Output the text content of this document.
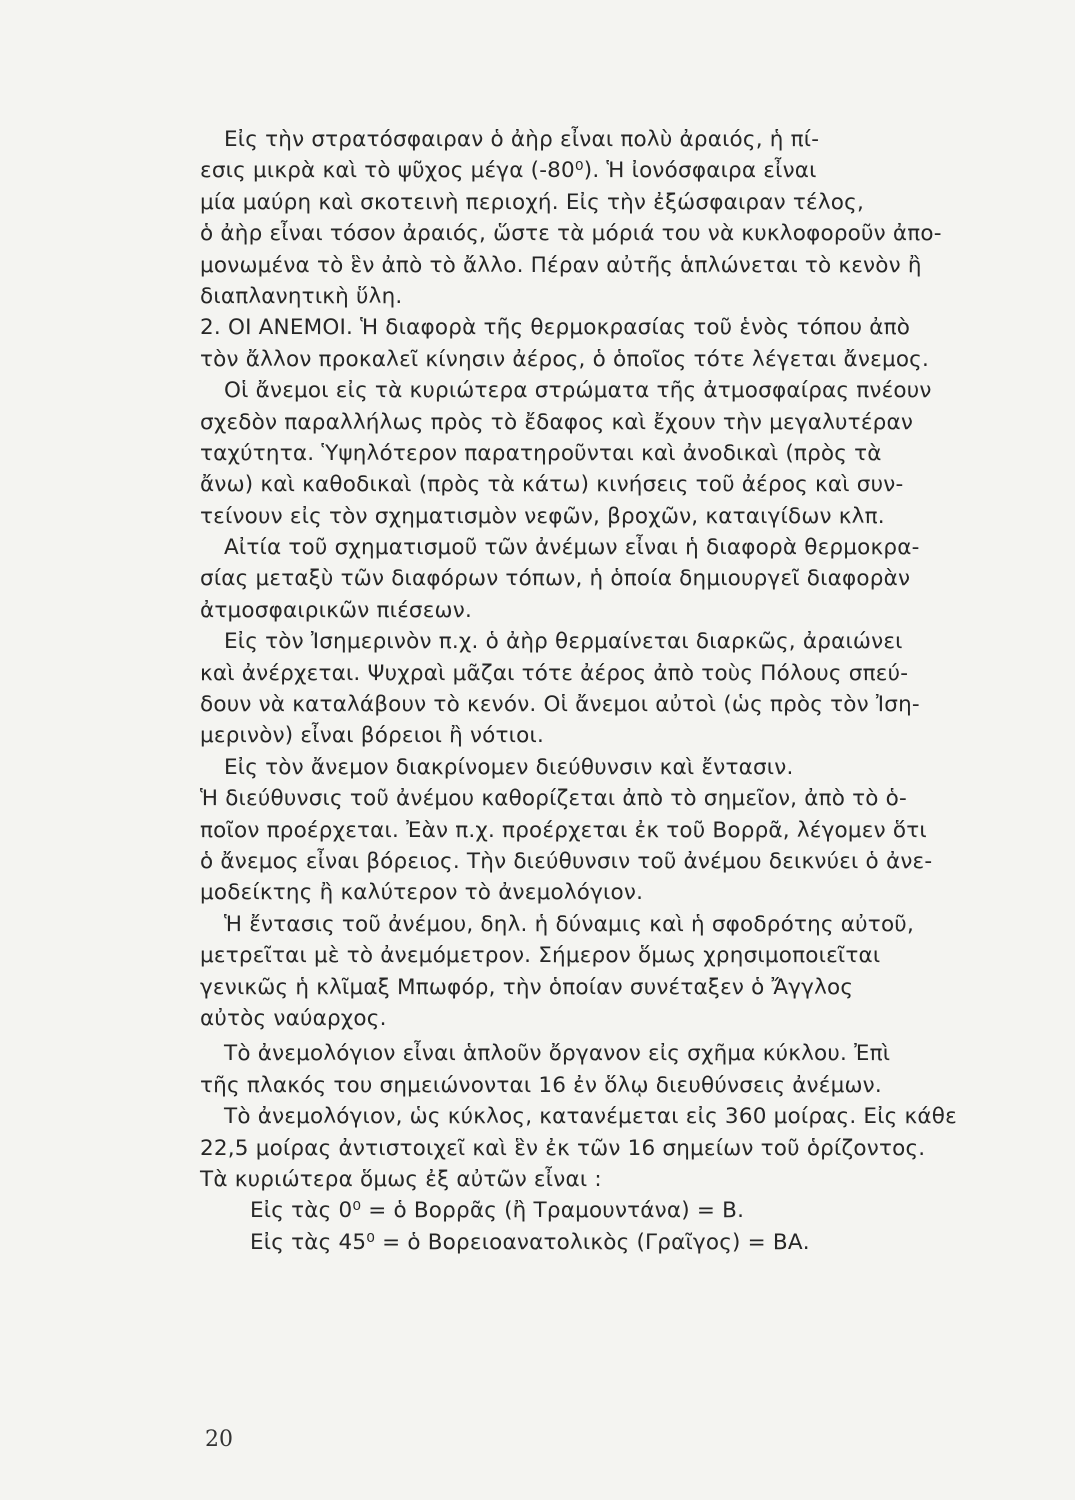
Εἰς τὴν στρατόσφαιραν ὁ ἀὴρ εἶναι πολὺ ἀραιός, ἡ πί-
εσις μικρὰ καὶ τὸ ψῦχος μέγα (-80⁰). Ἡ ἰονόσφαιρα εἶναι
μία μαύρη καὶ σκοτεινὴ περιοχή. Εἰς τὴν ἐξώσφαιραν τέλος,
ὁ ἀὴρ εἶναι τόσον ἀραιός, ὥστε τὰ μόριά του νὰ κυκλοφοροῦν ἀπο-
μονωμένα τὸ ἓν ἀπὸ τὸ ἄλλο. Πέραν αὐτῆς ἁπλώνεται τὸ κενὸν ἢ
διαπλανητικὴ ὕλη.
2. ΟΙ ΑΝΕΜΟΙ. Ἡ διαφορὰ τῆς θερμοκρασίας τοῦ ἑνὸς τόπου ἀπὸ
τὸν ἄλλον προκαλεῖ κίνησιν ἀέρος, ὁ ὁποῖος τότε λέγεται ἄνεμος.
Οἱ ἄνεμοι εἰς τὰ κυριώτερα στρώματα τῆς ἀτμοσφαίρας πνέουν
σχεδὸν παραλλήλως πρὸς τὸ ἔδαφος καὶ ἔχουν τὴν μεγαλυτέραν
ταχύτητα. Ὑψηλότερον παρατηροῦνται καὶ ἀνοδικαὶ (πρὸς τὰ
ἄνω) καὶ καθοδικαὶ (πρὸς τὰ κάτω) κινήσεις τοῦ ἀέρος καὶ συν-
τείνουν εἰς τὸν σχηματισμὸν νεφῶν, βροχῶν, καταιγίδων κλπ.
Αἰτία τοῦ σχηματισμοῦ τῶν ἀνέμων εἶναι ἡ διαφορὰ θερμοκρα-
σίας μεταξὺ τῶν διαφόρων τόπων, ἡ ὁποία δημιουργεῖ διαφορὰν
ἀτμοσφαιρικῶν πιέσεων.
Εἰς τὸν Ἰσημερινὸν π.χ. ὁ ἀὴρ θερμαίνεται διαρκῶς, ἀραιώνει
καὶ ἀνέρχεται. Ψυχραὶ μᾶζαι τότε ἀέρος ἀπὸ τοὺς Πόλους σπεύ-
δουν νὰ καταλάβουν τὸ κενόν. Οἱ ἄνεμοι αὐτοὶ (ὡς πρὸς τὸν Ἰση-
μερινὸν) εἶναι βόρειοι ἢ νότιοι.
Εἰς τὸν ἄνεμον διακρίνομεν διεύθυνσιν καὶ ἔντασιν.
Ἡ διεύθυνσις τοῦ ἀνέμου καθορίζεται ἀπὸ τὸ σημεῖον, ἀπὸ τὸ ὁ-
ποῖον προέρχεται. Ἐὰν π.χ. προέρχεται ἐκ τοῦ Βορρᾶ, λέγομεν ὅτι
ὁ ἄνεμος εἶναι βόρειος. Τὴν διεύθυνσιν τοῦ ἀνέμου δεικνύει ὁ ἀνε-
μοδείκτης ἢ καλύτερον τὸ ἀνεμολόγιον.
Ἡ ἔντασις τοῦ ἀνέμου, δηλ. ἡ δύναμις καὶ ἡ σφοδρότης αὐτοῦ,
μετρεῖται μὲ τὸ ἀνεμόμετρον. Σήμερον ὅμως χρησιμοποιεῖται
γενικῶς ἡ κλῖμαξ Μπωφόρ, τὴν ὁποίαν συνέταξεν ὁ Ἄγγλος
αὐτὸς ναύαρχος.
Τὸ ἀνεμολόγιον εἶναι ἁπλοῦν ὄργανον εἰς σχῆμα κύκλου. Ἐπὶ
τῆς πλακός του σημειώνονται 16 ἐν ὅλῳ διευθύνσεις ἀνέμων.
Τὸ ἀνεμολόγιον, ὡς κύκλος, κατανέμεται εἰς 360 μοίρας. Εἰς κάθε
22,5 μοίρας ἀντιστοιχεῖ καὶ ἓν ἐκ τῶν 16 σημείων τοῦ ὁρίζοντος.
Τὰ κυριώτερα ὅμως ἐξ αὐτῶν εἶναι :
Εἰς τὰς 0⁰ = ὁ Βορρᾶς (ἢ Τραμουντάνα) = Β.
Εἰς τὰς 45⁰ = ὁ Βορειοανατολικὸς (Γραῖγος) = ΒΑ.
20
